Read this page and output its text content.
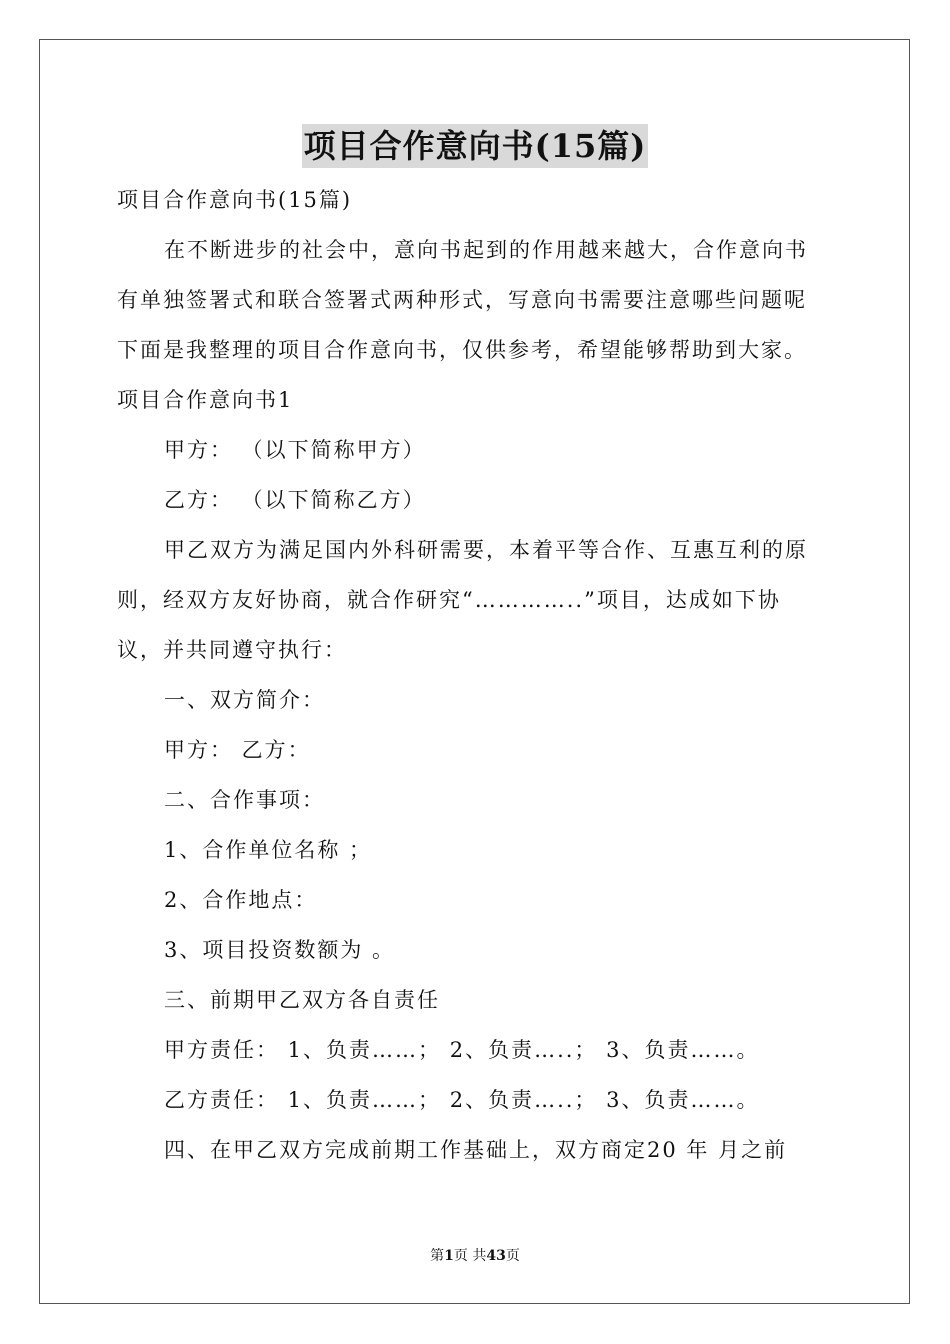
项目合作意向书(15篇)
项目合作意向书(15篇)
在不断进步的社会中，意向书起到的作用越来越大，合作意向书
有单独签署式和联合签署式两种形式，写意向书需要注意哪些问题呢
下面是我整理的项目合作意向书，仅供参考，希望能够帮助到大家。
项目合作意向书1
甲方： （以下简称甲方）
乙方： （以下简称乙方）
甲乙双方为满足国内外科研需要，本着平等合作、互惠互利的原
则，经双方友好协商，就合作研究“…………..”项目，达成如下协
议，并共同遵守执行：
一、双方简介：
甲方： 乙方：
二、合作事项：
1、合作单位名称 ；
2、合作地点：
3、项目投资数额为 。
三、前期甲乙双方各自责任
甲方责任： 1、负责……； 2、负责…..； 3、负责……。
乙方责任： 1、负责……； 2、负责…..； 3、负责……。
四、在甲乙双方完成前期工作基础上，双方商定20 年 月之前
第1页 共43页
